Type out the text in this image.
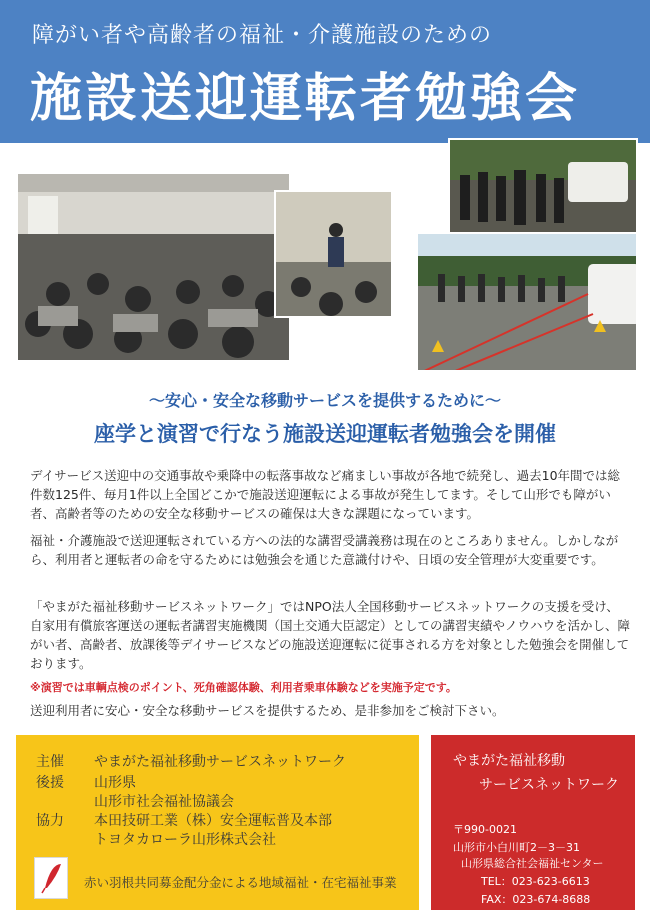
障がい者や高齢者の福祉・介護施設のための
施設送迎運転者勉強会
～安心・安全な移動サービスを提供するために～
座学と演習で行なう施設送迎運転者勉強会を開催

デイサービス送迎中の交通事故や乗降中の転落事故など痛ましい事故が各地で続発し、過去10年間では総件数125件、毎月1件以上全国どこかで施設送迎運転による事故が発生してます。そして山形でも障がい者、高齢者等のための安全な移動サービスの確保は大きな課題になっています。

福祉・介護施設で送迎運転されている方への法的な講習受講義務は現在のところありません。しかしながら、利用者と運転者の命を守るためには勉強会を通じた意識付けや、日頃の安全管理が大変重要です。

「やまがた福祉移動サービスネットワーク」ではNPO法人全国移動サービスネットワークの支援を受け、自家用有償旅客運送の運転者講習実施機関（国土交通大臣認定）としての講習実績やノウハウを活かし、障がい者、高齢者、放課後等デイサービスなどの施設送迎運転に従事される方を対象とした勉強会を開催しております。

※演習では車輌点検のポイント、死角確認体験、利用者乗車体験などを実施予定です。

送迎利用者に安心・安全な移動サービスを提供するため、是非参加をご検討下さい。

主催 やまがた福祉移動サービスネットワーク
後援 山形県
山形市社会福祉協議会
協力 本田技研工業（株）安全運転普及本部
トヨタカローラ山形株式会社
赤い羽根共同募金配分金による地域福祉・在宅福祉事業
やまがた福祉移動
サービスネットワーク
〒990-0021
山形市小白川町2－3－31
山形県総合社会福祉センター
TEL：023-623-6613
FAX：023-674-8688
